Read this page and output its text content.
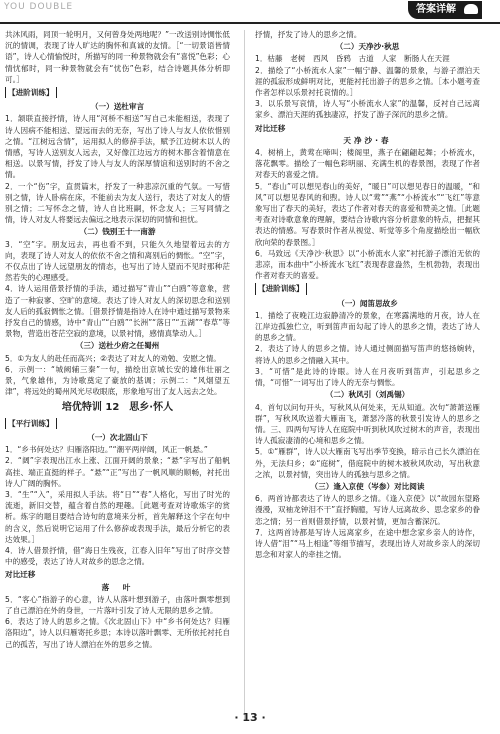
YOU DOUBLE	答案详解

共沐风雨，同顶一轮明月，又何曾身处两地呢？”一改送别诗惆怅低沉的情调，表现了诗人旷达的胸怀和真诚的友情。［“一切景语皆情语”，诗人心情愉悦时，所描写的同一种景物就会有“喜悦”色彩；心情忧郁时，同一种景物就会有“忧伤”色彩，结合诗题具体分析即可。］

【进阶训练】
（一）送杜审言

1．颔联直接抒情，诗人用“河桥不相送”写自己未能相送，表现了诗人因病不能相送、望远而去的无奈，写出了诗人与友人依依惜别之情。“江树远含情”，运用拟人的修辞手法，赋予江边树木以人的情感，写诗人送别友人远去，又好像江边远方的树木都含着情意在相送。以景写情，抒发了诗人与友人的深厚情谊和送别时的不舍之情。

2．一个“伤”字，直贯篇末，抒发了一种悲凉沉重的气氛。一写惜别之情，诗人卧病在床，不能前去为友人送行，表达了对友人的惜别之情；二写怀念之情，诗人自比班嗣，怀念友人；三写同情之情，诗人对友人将要远去偏远之地表示深切的同情和担忧。

（二）钱别王十一南游

3．“空”字。朋友远去，再也看不到，只能久久地望着远去的方向，表现了诗人对友人的依依不舍之情和离别后的惆怅。“空”字，不仅点出了诗人远望朋友的情态，也写出了诗人望而不见时那种茫然若失的心理感受。

4．诗人运用借景抒情的手法，通过描写“青山”“白鸥”等意象，营造了一种寂寥、空旷的意境。表达了诗人对友人的深切思念和送别友人后的孤寂惆怅之情。［借景抒情是指诗人在诗中通过描写景物来抒发自己的情感，诗中“青山”“白鸥”“长洲”“落日”“五湖”“春草”等景物，营造出苍茫空寂的意境，以景衬情，感情真挚动人。］

（三）送杜少府之任蜀州

5．①为友人的赴任而高兴；②表达了对友人的劝勉、安慰之情。

6．示例一：“城阙辅三秦”一句，描绘出京城长安的雄伟壮丽之景，气象雄伟，为诗歌奠定了豪放的基调；示例二：“风烟望五津”，将远处的蜀州风光尽收眼底，形象地写出了友人远去之处。

培优特训 12　思乡·怀人
【平行训练】
（一）次北固山下

1．“乡书何处达？归雁洛阳边。”“潮平两岸阔，风正一帆悬。”

2．“阔”字表现出江水上涨、江面开阔的景象；“悬”字写出了船帆高挂、端正直挺的样子。“悬”“正”写出了一帆风顺的顺畅，衬托出诗人广阔的胸怀。

3．“生”“入”，采用拟人手法。将“日”“春”人格化，写出了时光的流逝，新旧交替，蕴含着自然的理趣。［此题考查对诗歌炼字的赏析。炼字的题目要结合诗句的意境来分析，首先解释这个字在句中的含义，然后说明它运用了什么修辞或表现手法，最后分析它的表达效果。］

4．诗人借景抒情，借“海日生残夜，江春入旧年”写出了时序交替中的感受，表达了诗人对故乡的思念之情。

对比迁移
落　叶

5．“客心”指游子的心意，诗人从落叶想到游子，由落叶飘零想到了自己漂泊在外的身世，一片落叶引发了诗人无限的思乡之情。

6．表达了诗人的思乡之情。《次北固山下》中“乡书何处达？归雁洛阳边”，诗人以归雁寄托乡思；本诗以落叶飘零、无所依托衬托自己的孤苦，写出了诗人漂泊在外的思乡之情。

抒情，抒发了诗人的思乡之情。

（二）天净沙·秋思

1．枯藤　老树　西风　昏鸦　古道　人家　断肠人在天涯

2．描绘了“小桥流水人家”一幅宁静、温馨的景象，与游子漂泊天涯的孤寂形成鲜明对比，更能衬托出游子的思乡之情。［本小题考查作者怎样以乐景衬托哀情的。］

3．以乐景写哀情，诗人写“小桥流水人家”的温馨，反衬自己远离家乡、漂泊天涯的孤独凄凉，抒发了游子深沉的思乡之情。

对比迁移
天净沙·春

4．树梢上，黄莺在啼叫；楼阁里，燕子在翩翩起舞；小桥流水，落花飘零。描绘了一幅色彩明丽、充满生机的春景图，表现了作者对春天的喜爱之情。

5．“春山”可以想见春山的美好，“暖日”可以想见春日的温暖，“和风”可以想见春风的和煦。诗人以“莺”“燕”“小桥流水”“飞红”等意象写出了春天的美好，表达了作者对春天的喜爱和赞美之情。［此题考查对诗歌意象的理解，要结合诗歌内容分析意象的特点，把握其表达的情感。写春景时作者从视觉、听觉等多个角度描绘出一幅欣欣向荣的春景图。］

6．马致远《天净沙·秋思》以“小桥流水人家”衬托游子漂泊无依的悲凉，而本曲中“小桥流水飞红”表现春意盎然，生机勃勃，表现出作者对春天的喜爱。

【进阶训练】
（一）闻笛思故乡

1．描绘了夜晚江边寂静清冷的景象，在寒露满地的月夜，诗人在江岸边孤独伫立，听到笛声而勾起了诗人的思乡之情，表达了诗人的思乡之情。

2．表达了诗人的思乡之情。诗人通过侧面描写笛声的悠扬婉转，将诗人的思乡之情融入其中。

3．“可惜”是此诗的诗眼。诗人在月夜听到笛声，引起思乡之情，“可惜”一词写出了诗人的无奈与惆怅。

（二）秋风引（刘禹锡）

4．首句以问句开头，写秋风从何处来，无从知道。次句“萧萧送雁群”，写秋风吹送着大雁南飞，萧瑟冷落的秋景引发诗人的思乡之情。三、四两句写诗人在庭院中听到秋风吹过树木的声音，表现出诗人孤寂凄清的心境和思乡之情。

5．①“雁群”，诗人以大雁南飞写出季节变换，暗示自己长久漂泊在外，无法归乡；②“庭树”，借庭院中的树木被秋风吹动，写出秋意之浓，以景衬情，突出诗人的孤独与思乡之情。

（三）逢入京使（岑参）对比阅读

6．两首诗都表达了诗人的思乡之情。《逢入京使》以“故园东望路漫漫，双袖龙钟泪不干”直抒胸臆，写诗人远离故乡、思念家乡的眷恋之情；另一首则借景抒情，以景衬情，更加含蓄深沉。

7．这两首诗都是写诗人远离家乡，在途中想念家乡亲人的诗作，诗人借“泪”“马上相逢”等细节描写，表现出诗人对故乡亲人的深切思念和对家人的牵挂之情。

· 13 ·
